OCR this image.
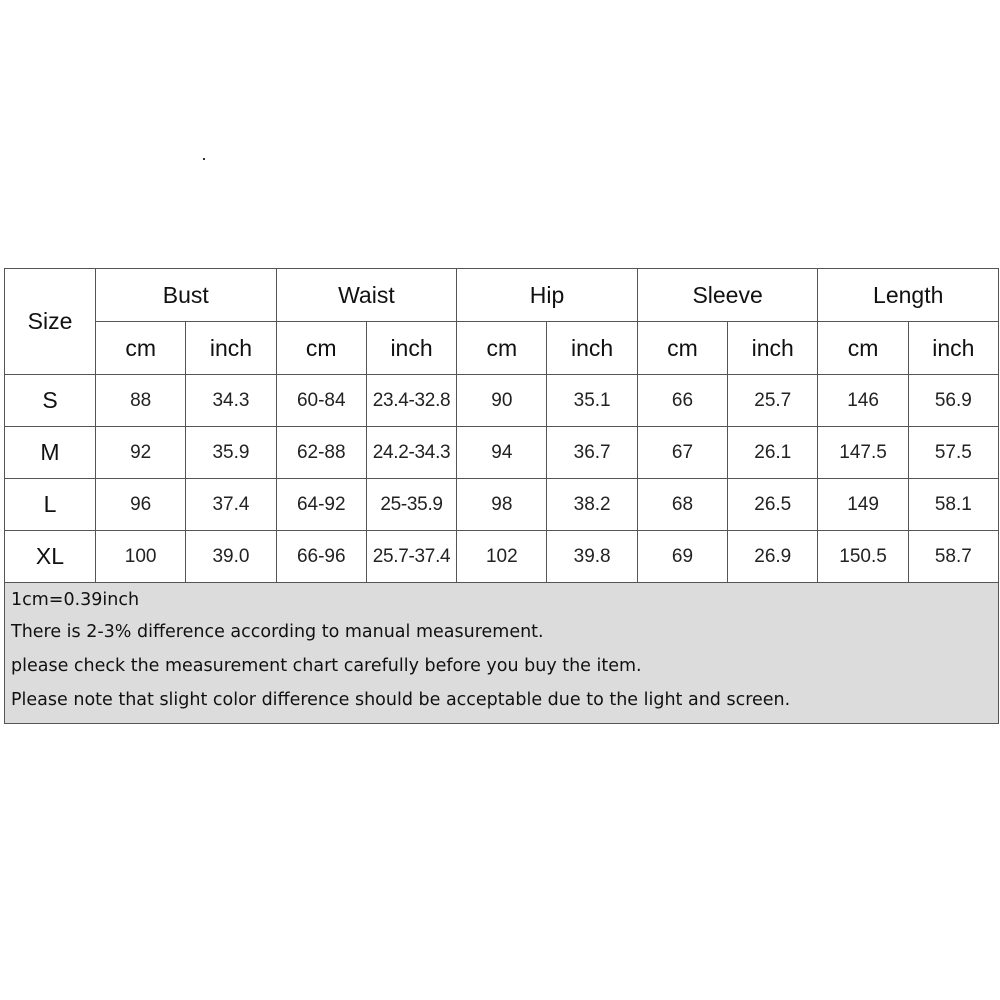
Size	Bust		Waist		Hip		Sleeve		Length	
	cm	inch	cm	inch	cm	inch	cm	inch	cm	inch
S	88	34.3	60-84	23.4-32.8	90	35.1	66	25.7	146	56.9
M	92	35.9	62-88	24.2-34.3	94	36.7	67	26.1	147.5	57.5
L	96	37.4	64-92	25-35.9	98	38.2	68	26.5	149	58.1
XL	100	39.0	66-96	25.7-37.4	102	39.8	69	26.9	150.5	58.7

1cm=0.39inch
There is 2-3% difference according to manual measurement.
please check the measurement chart carefully before you buy the item.
Please note that slight color difference should be acceptable due to the light and screen.										
